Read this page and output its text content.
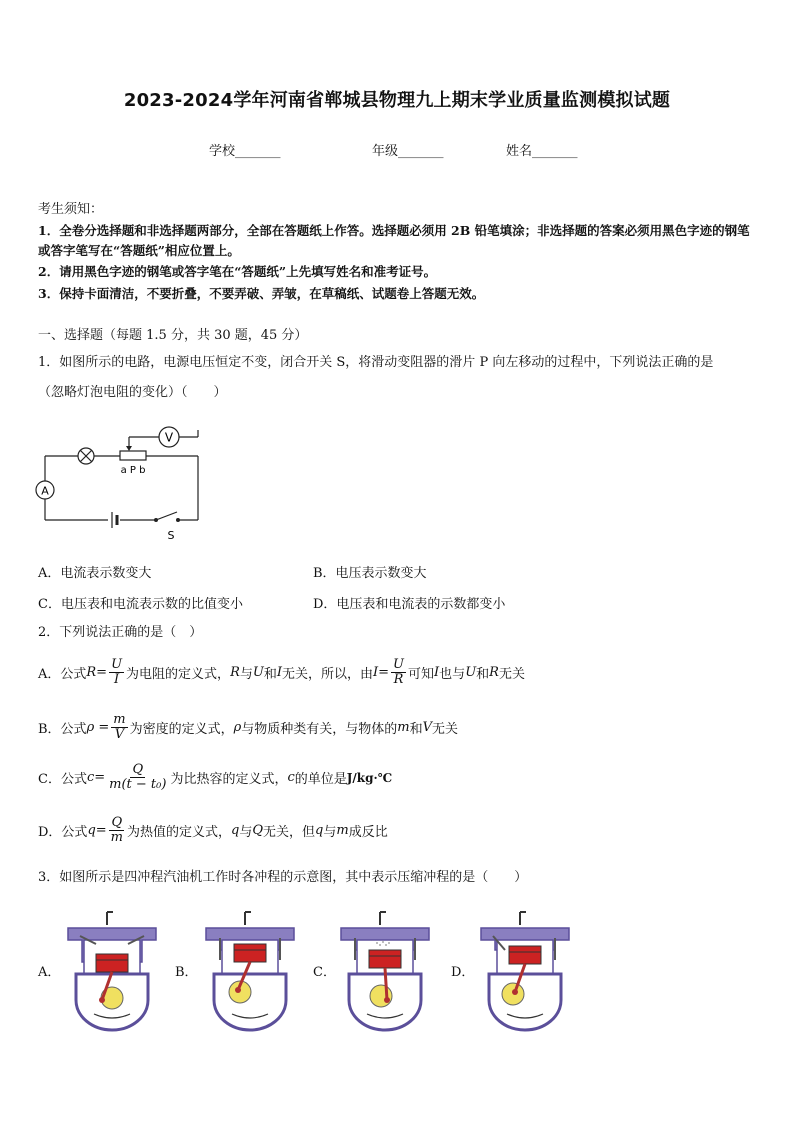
2023-2024学年河南省郸城县物理九上期末学业质量监测模拟试题
学校_______	年级_______	姓名_______
考生须知：
1．全卷分选择题和非选择题两部分，全部在答题纸上作答。选择题必须用 2B 铅笔填涂；非选择题的答案必须用黑色字迹的钢笔或答字笔写在“答题纸”相应位置上。
2．请用黑色字迹的钢笔或答字笔在“答题纸”上先填写姓名和准考证号。
3．保持卡面清洁，不要折叠，不要弄破、弄皱，在草稿纸、试题卷上答题无效。
一、选择题（每题 1.5 分，共 30 题，45 分）
1．如图所示的电路，电源电压恒定不变，闭合开关 S，将滑动变阻器的滑片 P 向左移动的过程中，下列说法正确的是
（忽略灯泡电阻的变化）（　　）
V
a P b
A
S
A．电流表示数变大	B．电压表示数变大
C．电压表和电流表示数的比值变小	D．电压表和电流表的示数都变小
2．下列说法正确的是（　）
A．公式 $R= \frac{U}{I}$ 为电阻的定义式， R 与 U 和 I 无关，所以，由 $I= \frac{U}{R}$ 可知 I 也与 U 和 R 无关
B．公式 $\rho = \frac{m}{V}$ 为密度的定义式， ρ 与物质种类有关，与物体的 m 和 V 无关
C．公式 $c= \frac{Q}{\text{m(t − t₀)}}$ 为比热容的定义式， c 的单位是 J/kg·℃
D．公式 $q= \frac{Q}{m}$ 为热值的定义式， q 与 Q 无关，但 q 与 m 成反比
3．如图所示是四冲程汽油机工作时各冲程的示意图，其中表示压缩冲程的是（　　）
A．	B．	C．	D．
